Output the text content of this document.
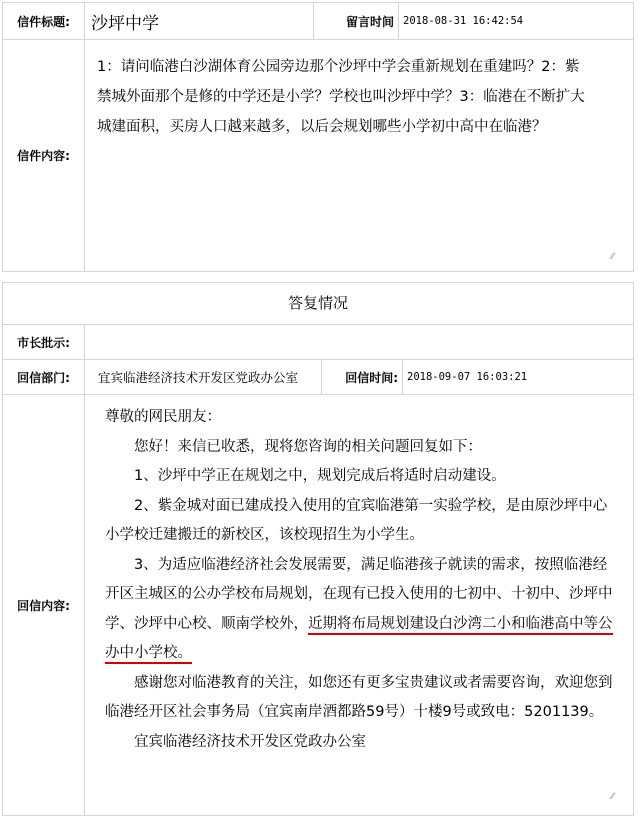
信件标题:	沙坪中学	留言时间 2018-08-31 16:42:54
信件内容:
1：请问临港白沙湖体育公园旁边那个沙坪中学会重新规划在重建吗？2：紫
禁城外面那个是修的中学还是小学？学校也叫沙坪中学？3：临港在不断扩大
城建面积，买房人口越来越多，以后会规划哪些小学初中高中在临港？
⁄⁄
答复情况
市长批示:
回信部门:	宜宾临港经济技术开发区党政办公室	回信时间: 2018-09-07 16:03:21
回信内容:

尊敬的网民朋友：

您好！来信已收悉，现将您咨询的相关问题回复如下：

1、沙坪中学正在规划之中，规划完成后将适时启动建设。

2、紫金城对面已建成投入使用的宜宾临港第一实验学校，是由原沙坪中心小学校迁建搬迁的新校区，该校现招生为小学生。

3、为适应临港经济社会发展需要，满足临港孩子就读的需求，按照临港经开区主城区的公办学校布局规划，在现有已投入使用的七初中、十初中、沙坪中学、沙坪中心校、顺南学校外，近期将布局规划建设白沙湾二小和临港高中等公办中小学校。

感谢您对临港教育的关注，如您还有更多宝贵建议或者需要咨询，欢迎您到临港经开区社会事务局（宜宾南岸酒都路59号）十楼9号或致电：5201139。

宜宾临港经济技术开发区党政办公室

⁄⁄
